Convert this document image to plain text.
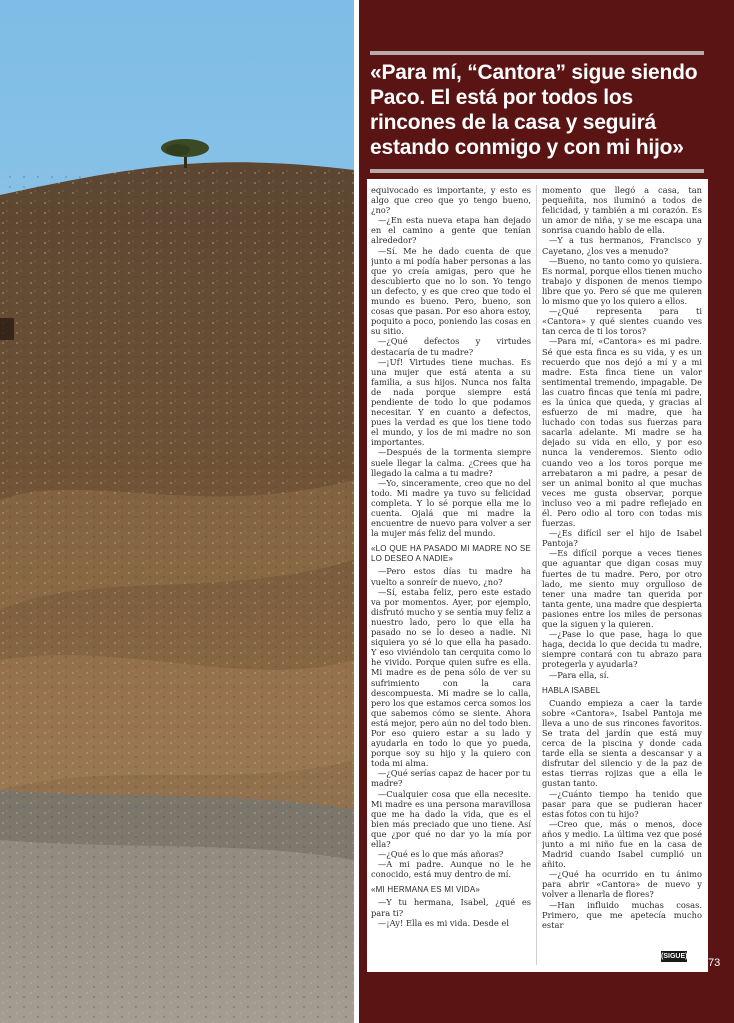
«Para mí, “Cantora” sigue siendo Paco. El está por todos los rincones de la casa y seguirá estando conmigo y con mi hijo»

equivocado es importante, y esto es algo que creo que yo tengo bueno, ¿no?

—¿En esta nueva etapa han dejado en el camino a gente que tenían alrededor?

—Sí. Me he dado cuenta de que junto a mi podía haber personas a las que yo creía amigas, pero que he descubierto que no lo son. Yo tengo un defecto, y es que creo que todo el mundo es bueno. Pero, bueno, son cosas que pasan. Por eso ahora estoy, poquito a poco, poniendo las cosas en su sitio.

—¿Qué defectos y virtudes destacaría de tu madre?

—¡Uf! Virtudes tiene muchas. Es una mujer que está atenta a su familia, a sus hijos. Nunca nos falta de nada porque siempre está pendiente de todo lo que podamos necesitar. Y en cuanto a defectos, pues la verdad es que los tiene todo el mundo, y los de mi madre no son importantes.

—Después de la tormenta siempre suele llegar la calma. ¿Crees que ha llegado la calma a tu madre?

—Yo, sinceramente, creo que no del todo. Mi madre ya tuvo su felicidad completa. Y lo sé porque ella me lo cuenta. Ojalá que mi madre la encuentre de nuevo para volver a ser la mujer más feliz del mundo.

«LO QUE HA PASADO MI MADRE NO SE LO DESEO A NADIE»

—Pero estos días tu madre ha vuelto a sonreír de nuevo, ¿no?

—Sí, estaba feliz, pero este estado va por momentos. Ayer, por ejemplo, disfrutó mucho y se sentía muy feliz a nuestro lado, pero lo que ella ha pasado no se lo deseo a nadie. Ni siquiera yo sé lo que ella ha pasado. Y eso viviéndolo tan cerquita como lo he vivido. Porque quien sufre es ella. Mi madre es de pena sólo de ver su sufrimiento con la cara descompuesta. Mi madre se lo calla, pero los que estamos cerca somos los que sabemos cómo se siente. Ahora está mejor, pero aún no del todo bien. Por eso quiero estar a su lado y ayudarla en todo lo que yo pueda, porque soy su hijo y la quiero con toda mi alma.

—¿Qué serías capaz de hacer por tu madre?

—Cualquier cosa que ella necesite. Mi madre es una persona maravillosa que me ha dado la vida, que es el bien más preciado que uno tiene. Así que ¿por qué no dar yo la mía por ella?

—¿Qué es lo que más añoras?

—A mi padre. Aunque no le he conocido, está muy dentro de mí.

«MI HERMANA ES MI VIDA»

—Y tu hermana, Isabel, ¿qué es para ti?

—¡Ay! Ella es mi vida. Desde el

momento que llegó a casa, tan pequeñita, nos iluminó a todos de felicidad, y también a mi corazón. Es un amor de niña, y se me escapa una sonrisa cuando hablo de ella.

—Y a tus hermanos, Francisco y Cayetano, ¿los ves a menudo?

—Bueno, no tanto como yo quisiera. Es normal, porque ellos tienen mucho trabajo y disponen de menos tiempo libre que yo. Pero sé que me quieren lo mismo que yo los quiero a ellos.

—¿Qué representa para ti «Cantora» y qué sientes cuando ves tan cerca de ti los toros?

—Para mí, «Cantora» es mi padre. Sé que esta finca es su vida, y es un recuerdo que nos dejó a mí y a mi madre. Esta finca tiene un valor sentimental tremendo, impagable. De las cuatro fincas que tenía mi padre, es la única que queda, y gracias al esfuerzo de mi madre, que ha luchado con todas sus fuerzas para sacarla adelante. Mi madre se ha dejado su vida en ello, y por eso nunca la venderemos. Siento odio cuando veo a los toros porque me arrebataron a mi padre, a pesar de ser un animal bonito al que muchas veces me gusta observar, porque incluso veo a mi padre reflejado en él. Pero odio al toro con todas mis fuerzas.

—¿Es difícil ser el hijo de Isabel Pantoja?

—Es difícil porque a veces tienes que aguantar que digan cosas muy fuertes de tu madre. Pero, por otro lado, me siento muy orgulloso de tener una madre tan querida por tanta gente, una madre que despierta pasiones entre los miles de personas que la siguen y la quieren.

—¿Pase lo que pase, haga lo que haga, decida lo que decida tu madre, siempre contará con tu abrazo para protegerla y ayudarla?

—Para ella, sí.

HABLA ISABEL

Cuando empieza a caer la tarde sobre «Cantora», Isabel Pantoja me lleva a uno de sus rincones favoritos. Se trata del jardín que está muy cerca de la piscina y donde cada tarde ella se sienta a descansar y a disfrutar del silencio y de la paz de estas tierras rojizas que a ella le gustan tanto.

—¿Cuánto tiempo ha tenido que pasar para que se pudieran hacer estas fotos con tu hijo?

—Creo que, más o menos, doce años y medio. La última vez que posé junto a mi niño fue en la casa de Madrid cuando Isabel cumplió un añito.

—¿Qué ha ocurrido en tu ánimo para abrir «Cantora» de nuevo y volver a llenarla de flores?

—Han influido muchas cosas. Primero, que me apetecía mucho estar

(SIGUE)
73
